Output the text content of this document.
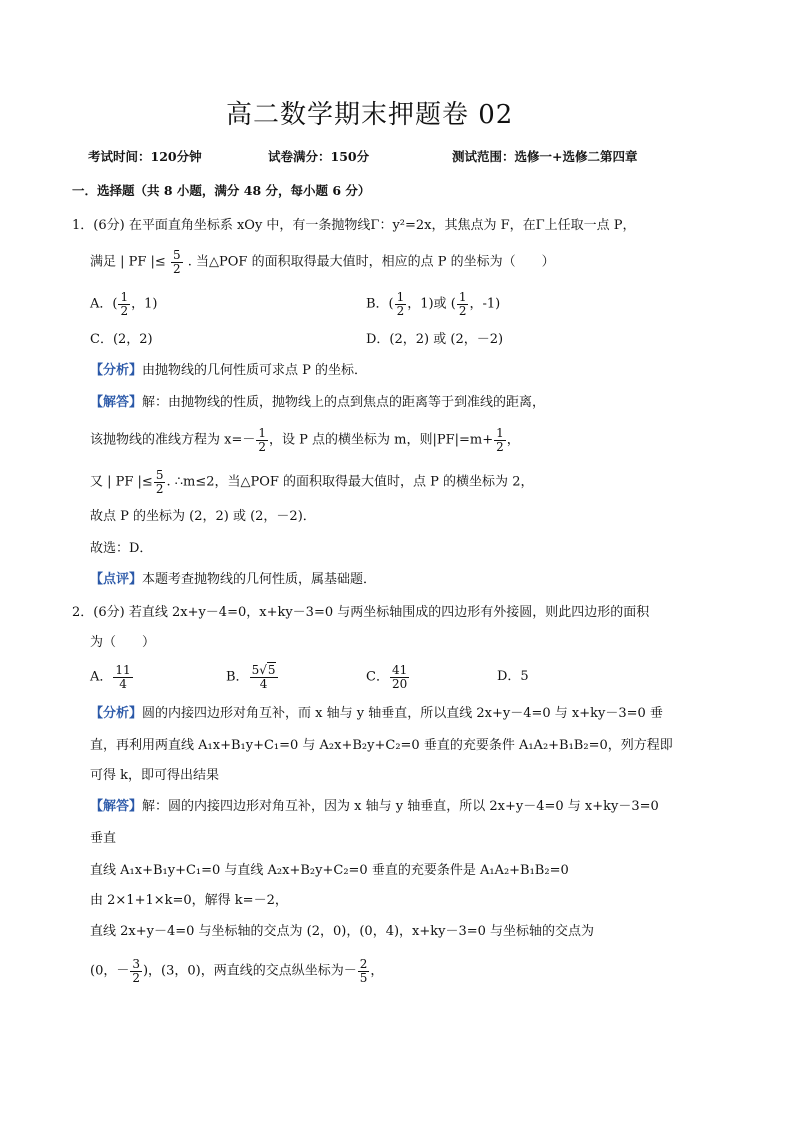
高二数学期末押题卷 02
考试时间：120分钟	试卷满分：150分	测试范围：选修一+选修二第四章
一．选择题（共 8 小题，满分 48 分，每小题 6 分）
1．(6分) 在平面直角坐标系 xOy 中，有一条抛物线Γ：y²=2x，其焦点为 F，在Γ上任取一点 P，
满足 | PF |≤ $\frac{5}{2}$ . 当△POF 的面积取得最大值时，相应的点 P 的坐标为（　　）
A．( $\frac{1}{2}$ ，1)	B．( $\frac{1}{2}$ ，1)或 ( $\frac{1}{2}$ ，-1)
C．(2，2)	D．(2，2) 或 (2，－2)
【分析】由抛物线的几何性质可求点 P 的坐标．
【解答】解：由抛物线的性质，抛物线上的点到焦点的距离等于到准线的距离，
该抛物线的准线方程为 $x=- \frac{1}{2}$ ，设 P 点的横坐标为 m，则$|PF|=m+ \frac{1}{2}$ ，
又 | PF |≤ $\frac{5}{2}$ . ∴m≤2，当△POF 的面积取得最大值时，点 P 的横坐标为 2，
故点 P 的坐标为 (2，2) 或 (2，－2)．
故选：D．
【点评】本题考查抛物线的几何性质，属基础题．
2．(6分) 若直线 2x+y－4=0，x+ky－3=0 与两坐标轴围成的四边形有外接圆，则此四边形的面积
为（　　）
A． $\frac{11}{4}$	B． $\frac{5√5}{4}$	C． $\frac{41}{20}$	D．5
【分析】圆的内接四边形对角互补，而 x 轴与 y 轴垂直，所以直线 2x+y－4=0 与 x+ky－3=0 垂
直，再利用两直线 A₁x+B₁y+C₁=0 与 A₂x+B₂y+C₂=0 垂直的充要条件 A₁A₂+B₁B₂=0，列方程即
可得 k，即可得出结果
【解答】解：圆的内接四边形对角互补，因为 x 轴与 y 轴垂直，所以 2x+y－4=0 与 x+ky－3=0
垂直
直线 A₁x+B₁y+C₁=0 与直线 A₂x+B₂y+C₂=0 垂直的充要条件是 A₁A₂+B₁B₂=0
由 2×1+1×k=0，解得 k=－2，
直线 2x+y－4=0 与坐标轴的交点为 (2，0)，(0，4)，x+ky－3=0 与坐标轴的交点为
(0，－ $\frac{3}{2}$ )，(3，0)，两直线的交点纵坐标为－ $\frac{2}{5}$ ，
